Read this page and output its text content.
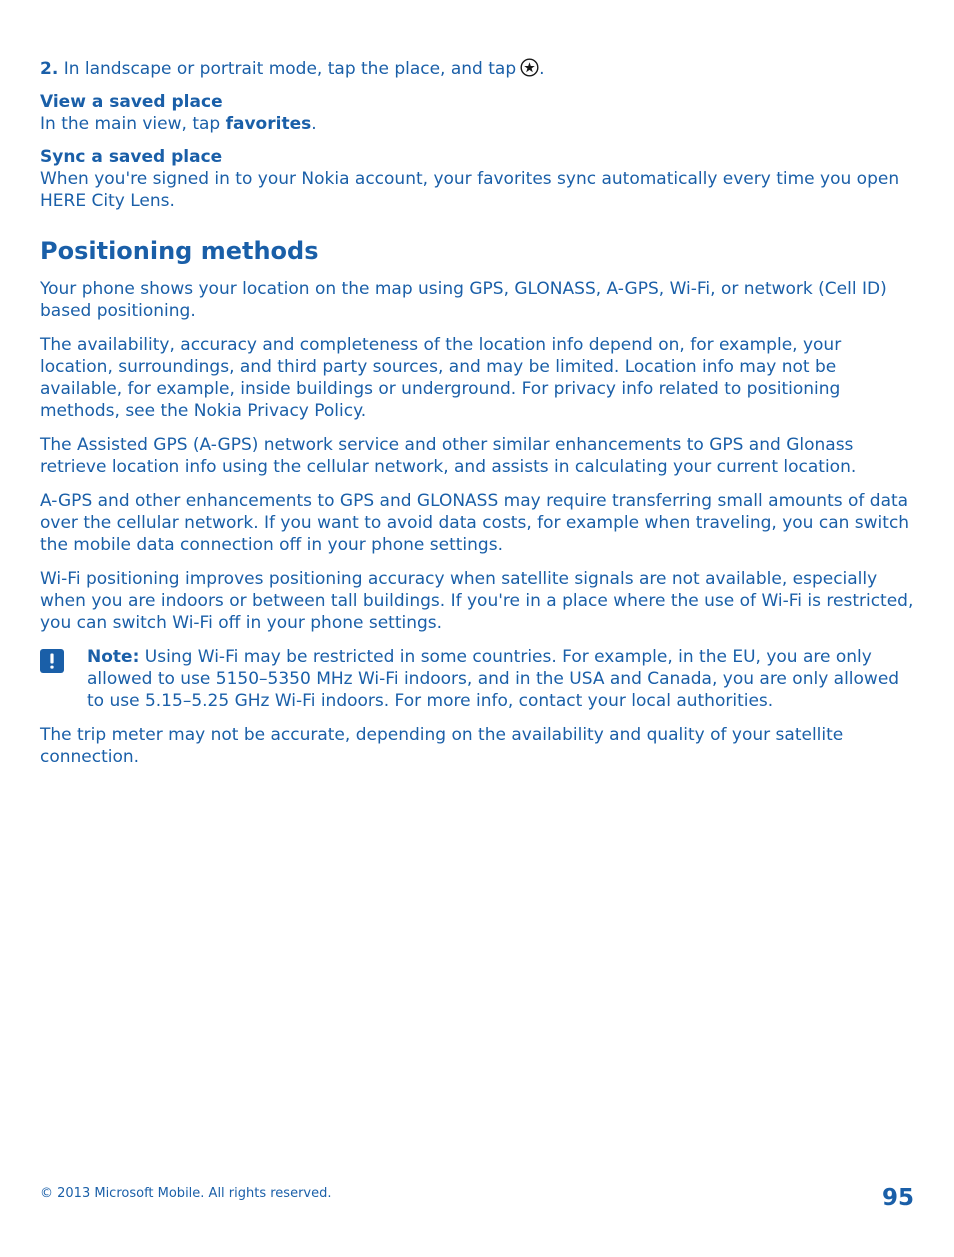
2. In landscape or portrait mode, tap the place, and tap .

View a saved place

In the main view, tap favorites.

Sync a saved place

When you're signed in to your Nokia account, your favorites sync automatically every time you open HERE City Lens.

Positioning methods

Your phone shows your location on the map using GPS, GLONASS, A-GPS, Wi-Fi, or network (Cell ID) based positioning.

The availability, accuracy and completeness of the location info depend on, for example, your location, surroundings, and third party sources, and may be limited. Location info may not be available, for example, inside buildings or underground. For privacy info related to positioning methods, see the Nokia Privacy Policy.

The Assisted GPS (A-GPS) network service and other similar enhancements to GPS and Glonass retrieve location info using the cellular network, and assists in calculating your current location.

A-GPS and other enhancements to GPS and GLONASS may require transferring small amounts of data over the cellular network. If you want to avoid data costs, for example when traveling, you can switch the mobile data connection off in your phone settings.

Wi-Fi positioning improves positioning accuracy when satellite signals are not available, especially when you are indoors or between tall buildings. If you're in a place where the use of Wi-Fi is restricted, you can switch Wi-Fi off in your phone settings.

Note: Using Wi-Fi may be restricted in some countries. For example, in the EU, you are only allowed to use 5150–5350 MHz Wi-Fi indoors, and in the USA and Canada, you are only allowed to use 5.15–5.25 GHz Wi-Fi indoors. For more info, contact your local authorities.

The trip meter may not be accurate, depending on the availability and quality of your satellite connection.

© 2013 Microsoft Mobile. All rights reserved.	95
